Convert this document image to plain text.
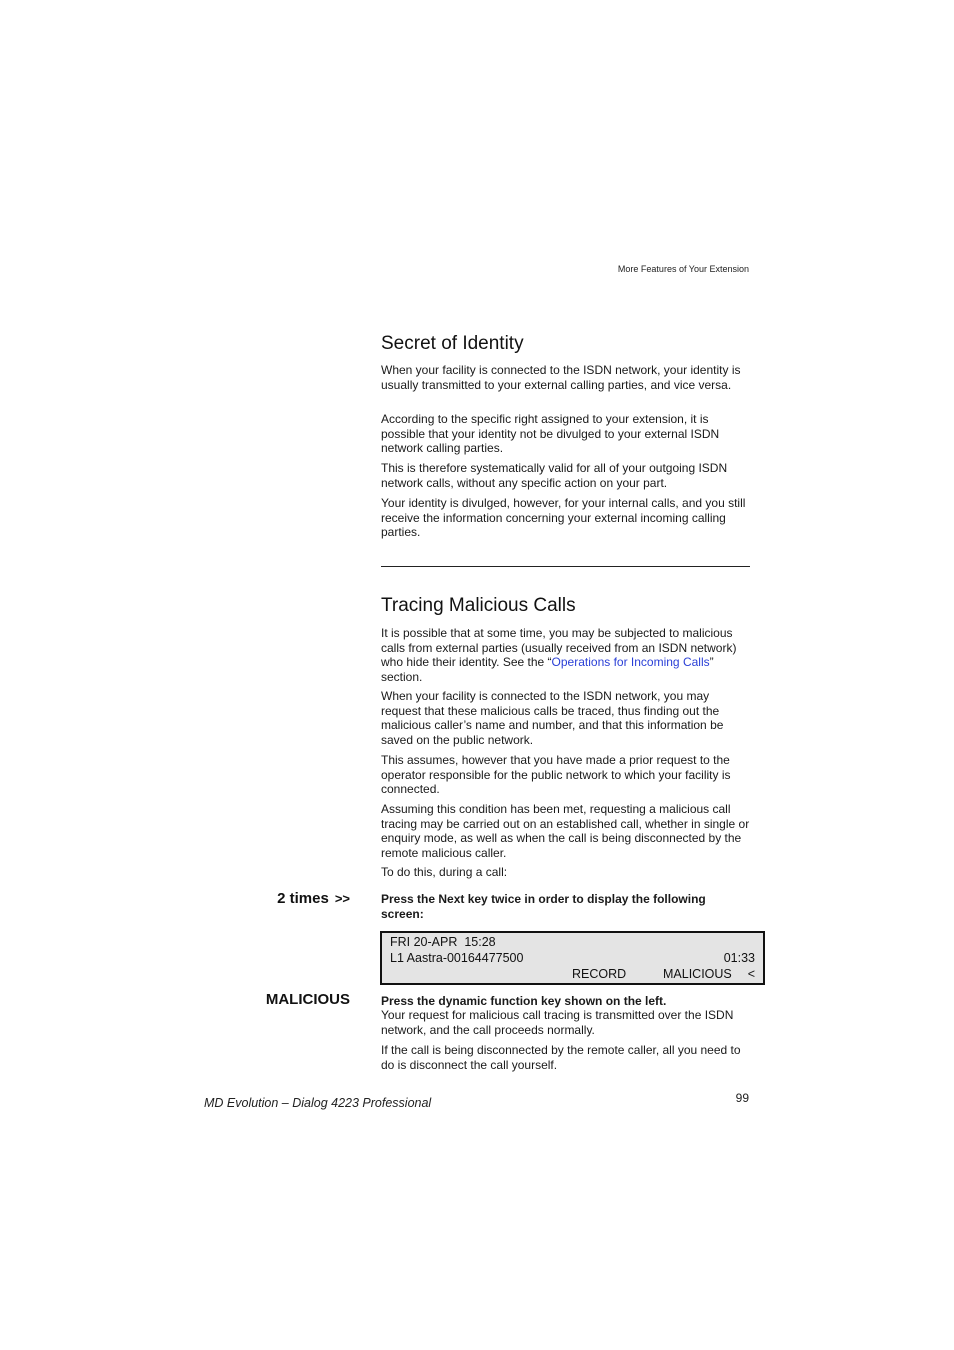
More Features of Your Extension
Secret of Identity

When your facility is connected to the ISDN network, your identity is usually transmitted to your external calling parties, and vice versa.

According to the specific right assigned to your extension, it is possible that your identity not be divulged to your external ISDN network calling parties.

This is therefore systematically valid for all of your outgoing ISDN network calls, without any specific action on your part.

Your identity is divulged, however, for your internal calls, and you still receive the information concerning your external incoming calling parties.

Tracing Malicious Calls

It is possible that at some time, you may be subjected to malicious calls from external parties (usually received from an ISDN network) who hide their identity. See the “Operations for Incoming Calls” section.

When your facility is connected to the ISDN network, you may request that these malicious calls be traced, thus finding out the malicious caller’s name and number, and that this information be saved on the public network.

This assumes, however that you have made a prior request to the operator responsible for the public network to which your facility is connected.

Assuming this condition has been met, requesting a malicious call tracing may be carried out on an established call, whether in single or enquiry mode, as well as when the call is being disconnected by the remote malicious caller.

To do this, during a call:

2 times >>	Press the Next key twice in order to display the following screen:

FRI 20-APR  15:28
L1 Aastra-00164477500	01:33
RECORD	MALICIOUS <
MALICIOUS	Press the dynamic function key shown on the left.

Your request for malicious call tracing is transmitted over the ISDN network, and the call proceeds normally.

If the call is being disconnected by the remote caller, all you need to do is disconnect the call yourself.

MD Evolution – Dialog 4223 Professional	99
